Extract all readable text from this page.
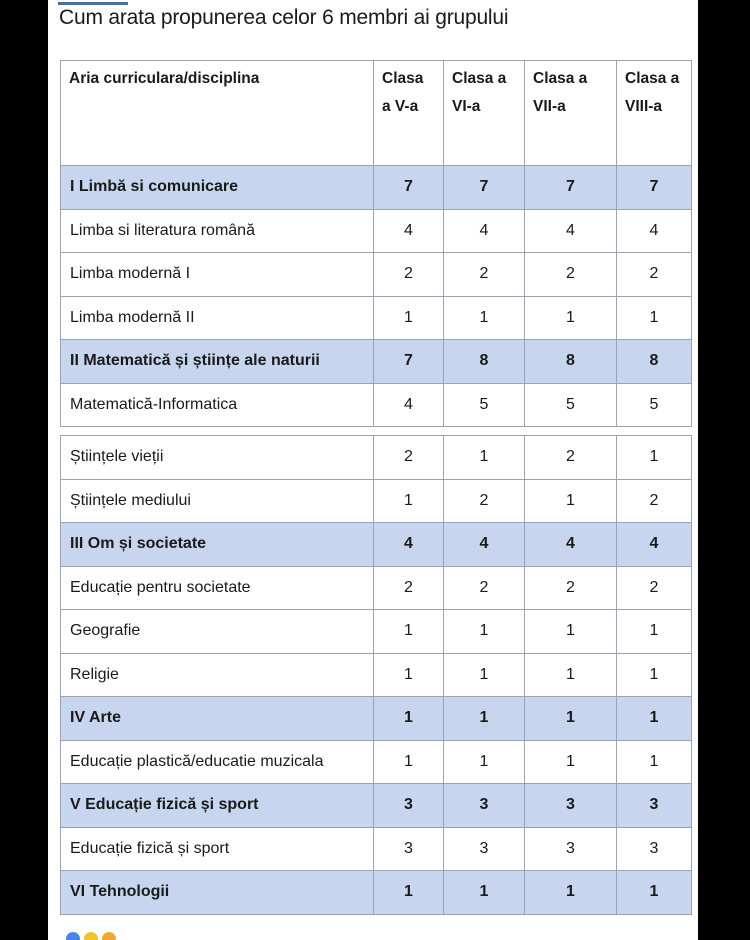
Cum arata propunerea celor 6 membri ai grupului
Aria curriculara/disciplina	Clasa a V-a	Clasa a VI-a	Clasa a VII-a	Clasa a VIII-a
I Limbă si comunicare	7	7	7	7
Limba si literatura română	4	4	4	4
Limba modernă I	2	2	2	2
Limba modernă II	1	1	1	1
II Matematică și științe ale naturii	7	8	8	8
Matematică-Informatica	4	5	5	5

Științele vieții	2	1	2	1
Științele mediului	1	2	1	2
III Om și societate	4	4	4	4
Educație pentru societate	2	2	2	2
Geografie	1	1	1	1
Religie	1	1	1	1
IV Arte	1	1	1	1
Educație plastică/educatie muzicala	1	1	1	1
V Educație fizică și sport	3	3	3	3
Educație fizică și sport	3	3	3	3
VI Tehnologii	1	1	1	1
